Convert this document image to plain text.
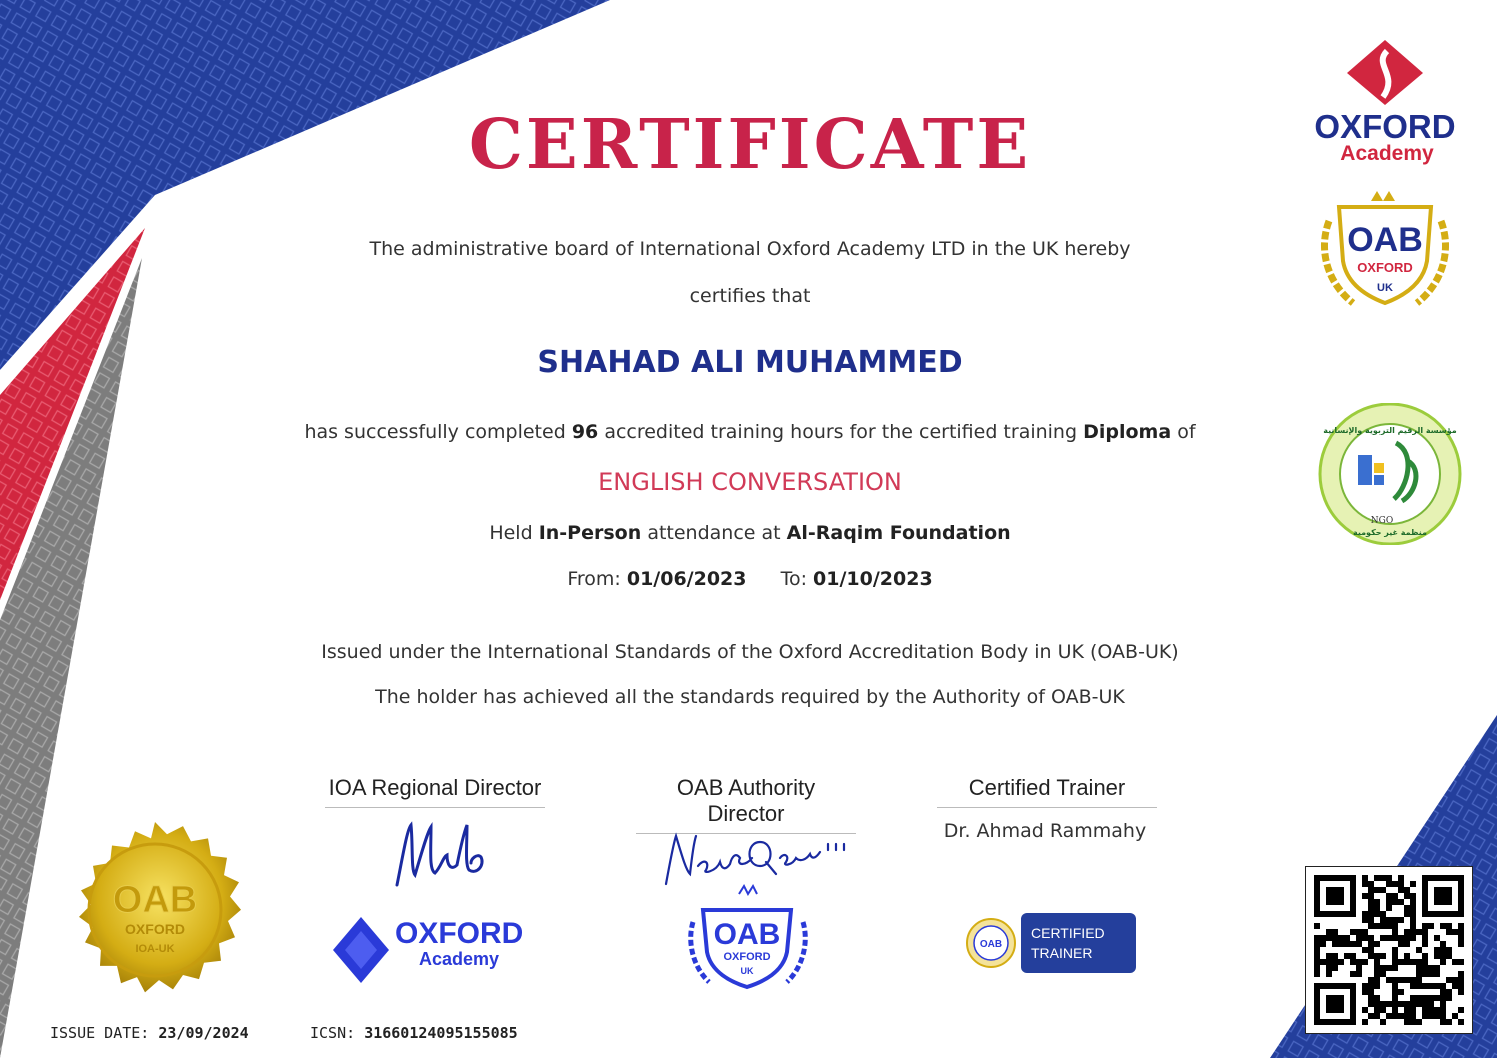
CERTIFICATE
The administrative board of International Oxford Academy LTD in the UK hereby
certifies that
SHAHAD ALI MUHAMMED
has successfully completed 96 accredited training hours for the certified training Diploma of
ENGLISH CONVERSATION
Held In-Person attendance at Al-Raqim Foundation
From: 01/06/2023 To: 01/10/2023
Issued under the International Standards of the Oxford Accreditation Body in UK (OAB-UK)
The holder has achieved all the standards required by the Authority of OAB-UK
IOA Regional Director
OXFORD
Academy
OAB Authority Director
OAB
OXFORD
UK
Certified Trainer
Dr. Ahmad Rammahy
OAB
CERTIFIED
TRAINER
OXFORD
Academy
OAB
OXFORD
UK
مؤسسة الرقيم التربوية والإنسانية
NGO
منظمة غير حكومية
OAB
OXFORD
IOA-UK
ISSUE DATE: 23/09/2024	ICSN: 31660124095155085
